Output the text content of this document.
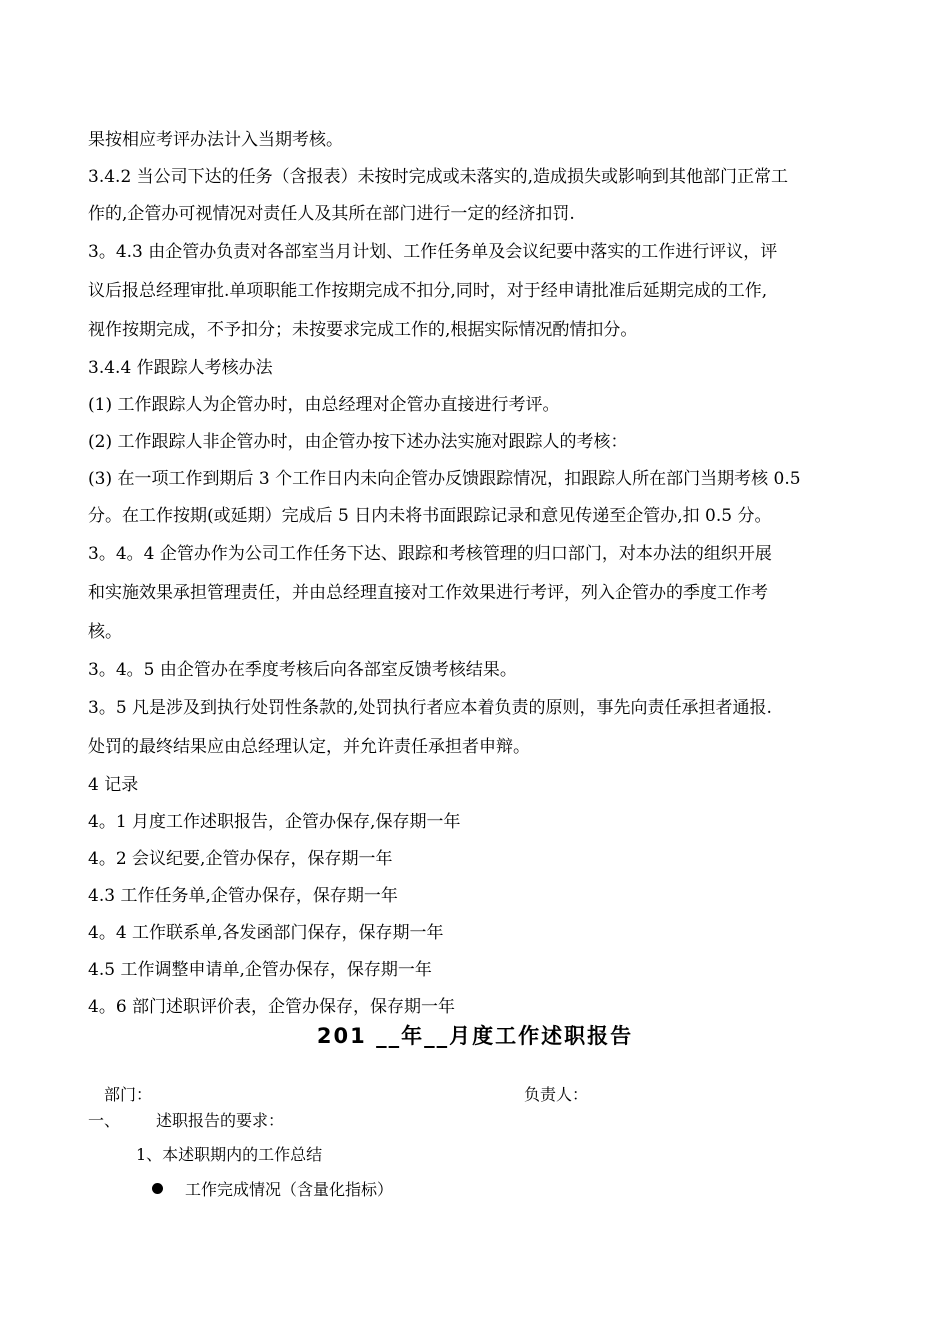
果按相应考评办法计入当期考核。
3.4.2 当公司下达的任务（含报表）未按时完成或未落实的,造成损失或影响到其他部门正常工
作的,企管办可视情况对责任人及其所在部门进行一定的经济扣罚.
3。4.3 由企管办负责对各部室当月计划、工作任务单及会议纪要中落实的工作进行评议，评
议后报总经理审批.单项职能工作按期完成不扣分,同时，对于经申请批准后延期完成的工作,
视作按期完成，不予扣分；未按要求完成工作的,根据实际情况酌情扣分。
3.4.4 作跟踪人考核办法
(1) 工作跟踪人为企管办时，由总经理对企管办直接进行考评。
(2) 工作跟踪人非企管办时，由企管办按下述办法实施对跟踪人的考核：
(3) 在一项工作到期后 3 个工作日内未向企管办反馈跟踪情况，扣跟踪人所在部门当期考核 0.5
分。在工作按期(或延期）完成后 5 日内未将书面跟踪记录和意见传递至企管办,扣 0.5 分。
3。4。4 企管办作为公司工作任务下达、跟踪和考核管理的归口部门，对本办法的组织开展
和实施效果承担管理责任，并由总经理直接对工作效果进行考评，列入企管办的季度工作考
核。
3。4。5 由企管办在季度考核后向各部室反馈考核结果。
3。5 凡是涉及到执行处罚性条款的,处罚执行者应本着负责的原则，事先向责任承担者通报.
处罚的最终结果应由总经理认定，并允许责任承担者申辩。
4 记录
4。1 月度工作述职报告，企管办保存,保存期一年
4。2 会议纪要,企管办保存，保存期一年
4.3 工作任务单,企管办保存，保存期一年
4。4 工作联系单,各发函部门保存，保存期一年
4.5 工作调整申请单,企管办保存，保存期一年
4。6 部门述职评价表，企管办保存，保存期一年
201 __年__月度工作述职报告
部门：	负责人：
一、 述职报告的要求：
1、本述职期内的工作总结
工作完成情况（含量化指标）
